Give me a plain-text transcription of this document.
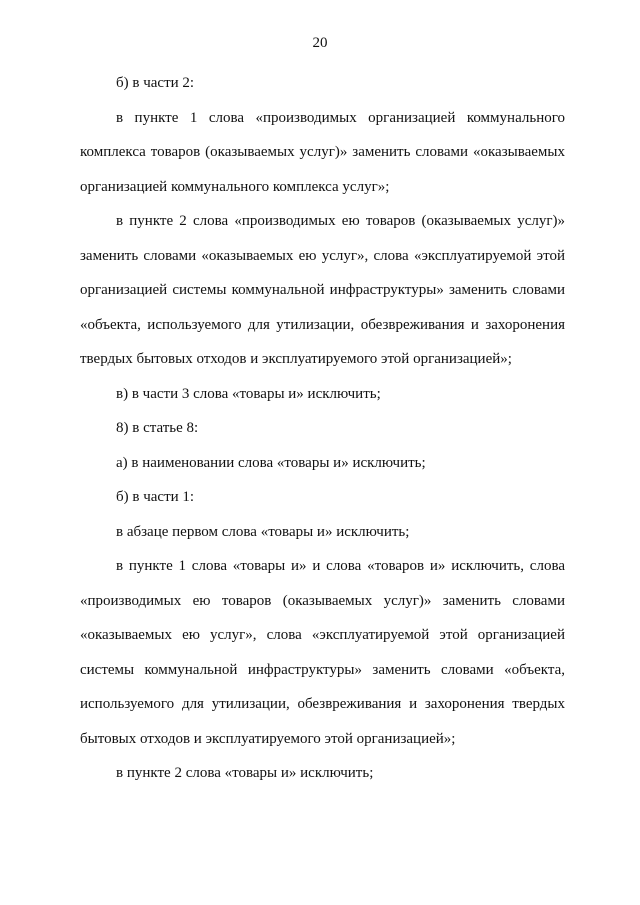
20

б) в части 2:

в пункте 1 слова «производимых организацией коммунального комплекса товаров (оказываемых услуг)» заменить словами «оказываемых организацией коммунального комплекса услуг»;

в пункте 2 слова «производимых ею товаров (оказываемых услуг)» заменить словами «оказываемых ею услуг», слова «эксплуатируемой этой организацией системы коммунальной инфраструктуры» заменить словами «объекта, используемого для утилизации, обезвреживания и захоронения твердых бытовых отходов и эксплуатируемого этой организацией»;

в) в части 3 слова «товары и» исключить;

8) в статье 8:

а) в наименовании слова «товары и» исключить;

б) в части 1:

в абзаце первом слова «товары и» исключить;

в пункте 1 слова «товары и» и слова «товаров и» исключить, слова «производимых ею товаров (оказываемых услуг)» заменить словами «оказываемых ею услуг», слова «эксплуатируемой этой организацией системы коммунальной инфраструктуры» заменить словами «объекта, используемого для утилизации, обезвреживания и захоронения твердых бытовых отходов и эксплуатируемого этой организацией»;

в пункте 2 слова «товары и» исключить;
